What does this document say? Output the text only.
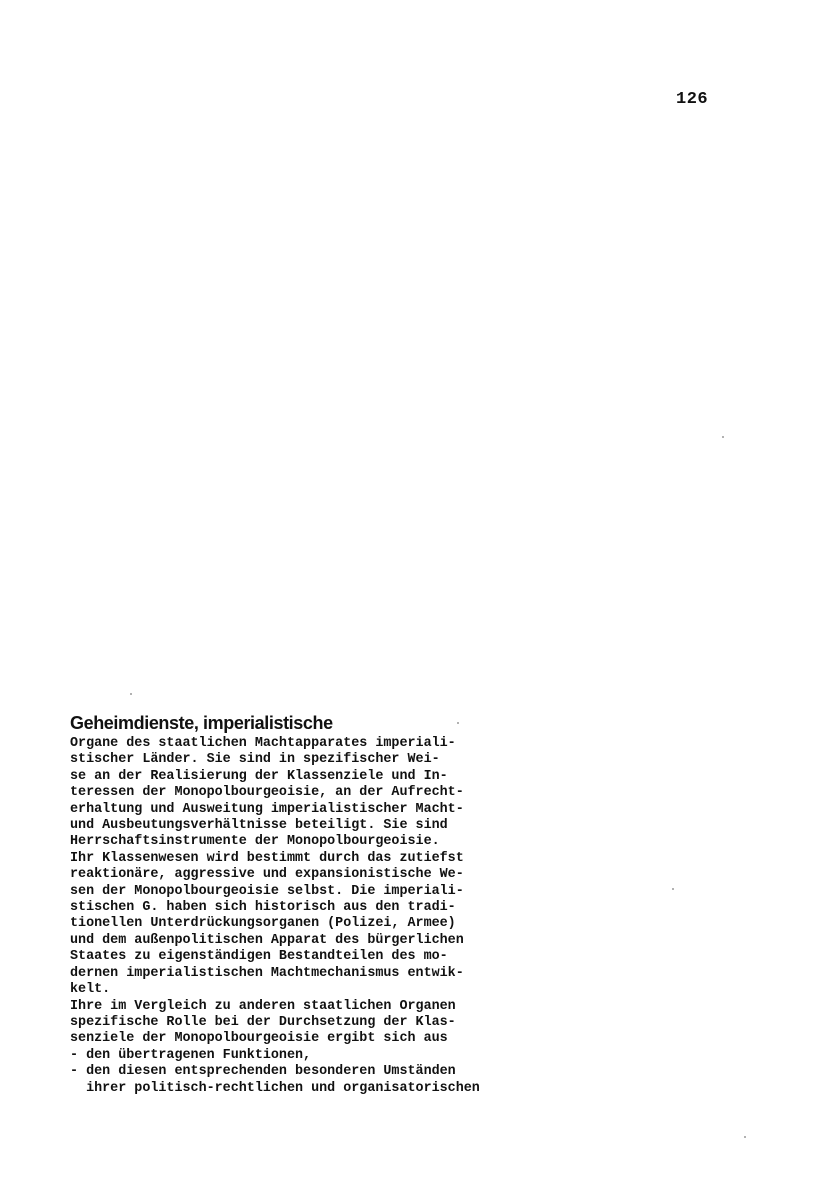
126
Geheimdienste, imperialistische
Organe des staatlichen Machtapparates imperiali-
stischer Länder. Sie sind in spezifischer Wei-
se an der Realisierung der Klassenziele und In-
teressen der Monopolbourgeoisie, an der Aufrecht-
erhaltung und Ausweitung imperialistischer Macht-
und Ausbeutungsverhältnisse beteiligt. Sie sind
Herrschaftsinstrumente der Monopolbourgeoisie.
Ihr Klassenwesen wird bestimmt durch das zutiefst
reaktionäre, aggressive und expansionistische We-
sen der Monopolbourgeoisie selbst. Die imperiali-
stischen G. haben sich historisch aus den tradi-
tionellen Unterdrückungsorganen (Polizei, Armee)
und dem außenpolitischen Apparat des bürgerlichen
Staates zu eigenständigen Bestandteilen des mo-
dernen imperialistischen Machtmechanismus entwik-
kelt.
Ihre im Vergleich zu anderen staatlichen Organen
spezifische Rolle bei der Durchsetzung der Klas-
senziele der Monopolbourgeoisie ergibt sich aus
- den übertragenen Funktionen,
- den diesen entsprechenden besonderen Umständen
ihrer politisch-rechtlichen und organisatorischen
